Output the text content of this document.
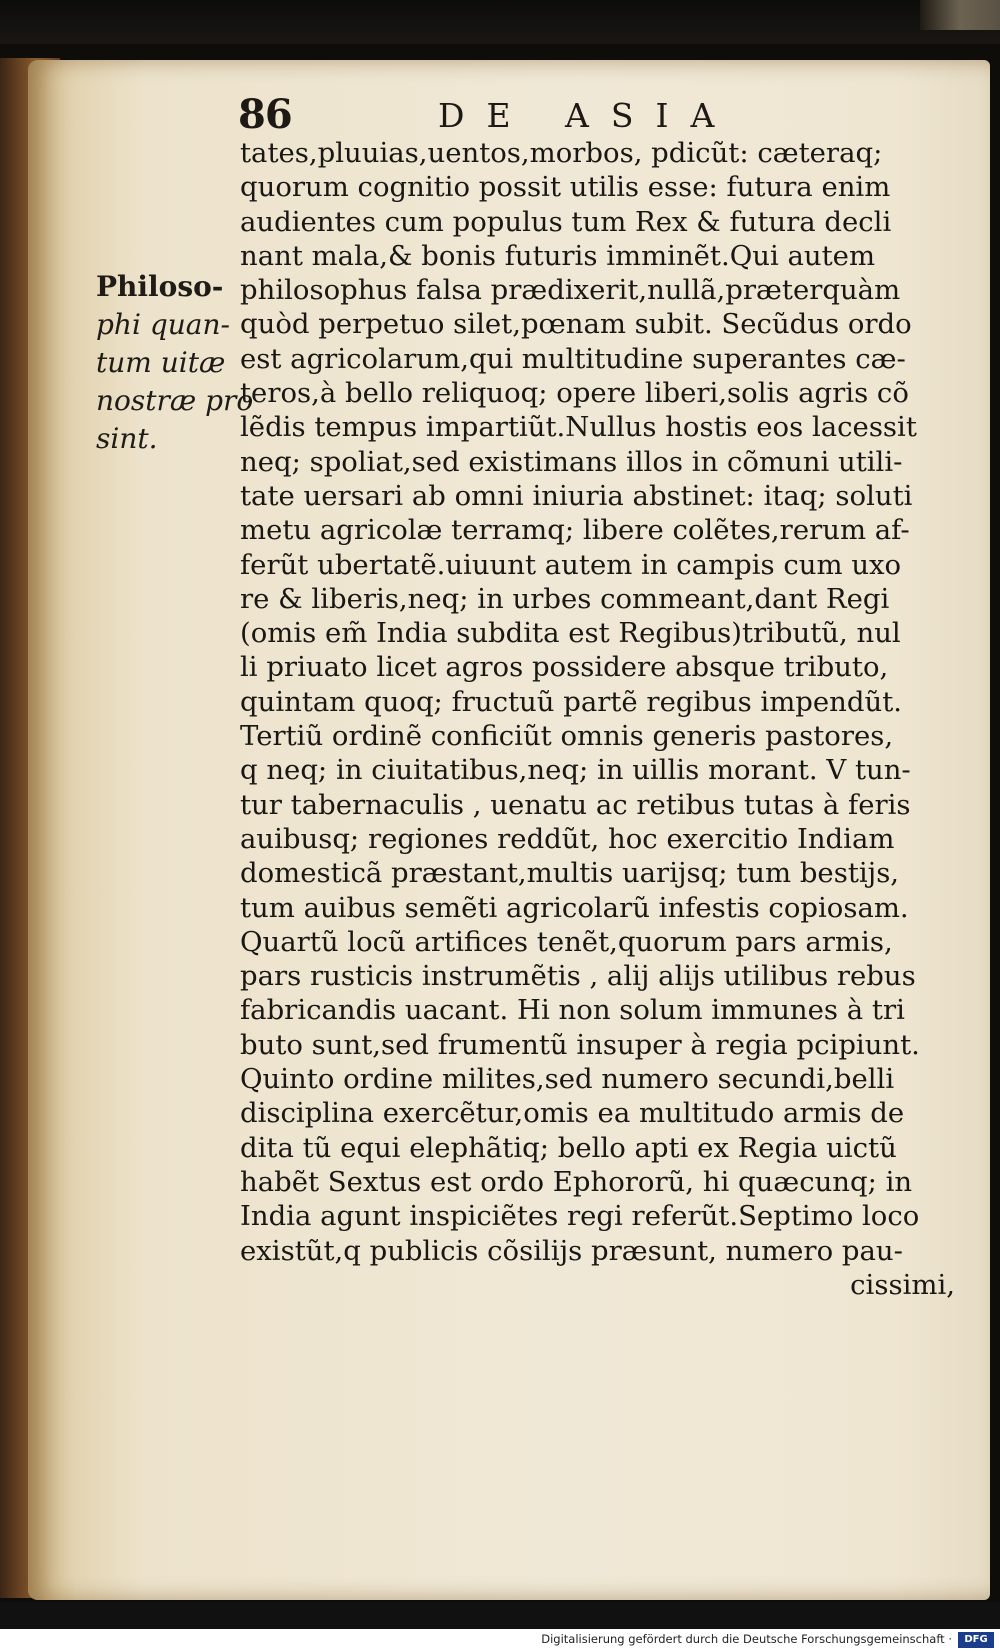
86	DE ASIA
Philoso-
phi quan-
tum uitæ
nostræ pro
sint.
tates,pluuias,uentos,morbos, pdicũt: cæteraq;
quorum cognitio possit utilis esse: futura enim
audientes cum populus tum Rex & futura decli
nant mala,& bonis futuris imminẽt.Qui autem
philosophus falsa prædixerit,nullã,præterquàm
quòd perpetuo silet,pœnam subit. Secũdus ordo
est agricolarum,qui multitudine superantes cæ-
teros,à bello reliquoq; opere liberi,solis agris cõ
lẽdis tempus impartiũt.Nullus hostis eos lacessit
neq; spoliat,sed existimans illos in cõmuni utili-
tate uersari ab omni iniuria abstinet: itaq; soluti
metu agricolæ terramq; libere colẽtes,rerum af-
ferũt ubertatẽ.uiuunt autem in campis cum uxo
re & liberis,neq; in urbes commeant,dant Regi
(omis em̃ India subdita est Regibus)tributũ, nul
li priuato licet agros possidere absque tributo,
quintam quoq; fructuũ partẽ regibus impendũt.
Tertiũ ordinẽ conficiũt omnis generis pastores,
q neq; in ciuitatibus,neq; in uillis morant. V tun-
tur tabernaculis , uenatu ac retibus tutas à feris
auibusq; regiones reddũt, hoc exercitio Indiam
domesticã præstant,multis uarijsq; tum bestijs,
tum auibus semẽti agricolarũ infestis copiosam.
Quartũ locũ artifices tenẽt,quorum pars armis,
pars rusticis instrumẽtis , alij alijs utilibus rebus
fabricandis uacant. Hi non solum immunes à tri
buto sunt,sed frumentũ insuper à regia pcipiunt.
Quinto ordine milites,sed numero secundi,belli
disciplina exercẽtur,omis ea multitudo armis de
dita tũ equi elephãtiq; bello apti ex Regia uictũ
habẽt Sextus est ordo Ephororũ, hi quæcunq; in
India agunt inspiciẽtes regi referũt.Septimo loco
existũt,q publicis cõsilijs præsunt, numero pau-
cissimi,
Digitalisierung gefördert durch die Deutsche Forschungsgemeinschaft ·	DFG
